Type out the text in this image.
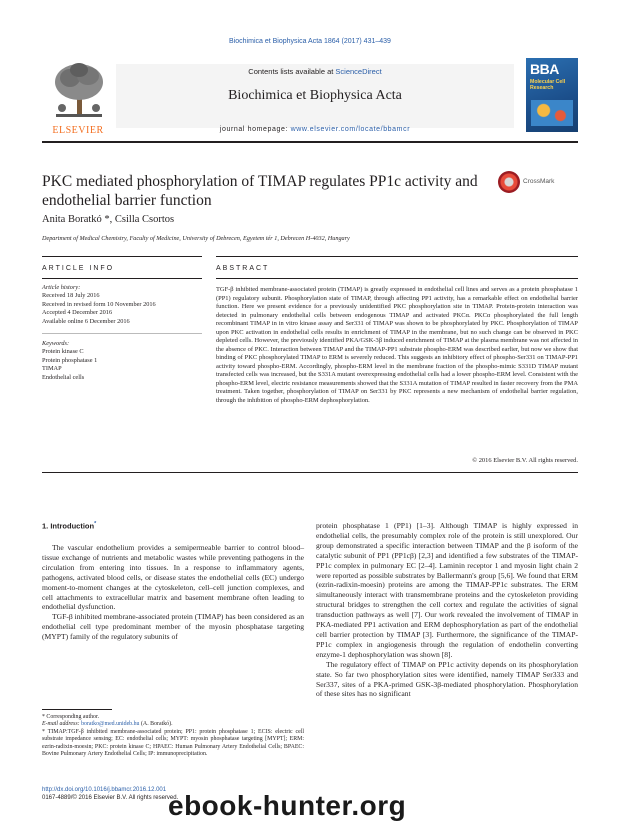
Biochimica et Biophysica Acta 1864 (2017) 431–439
ELSEVIER
Contents lists available at ScienceDirect
Biochimica et Biophysica Acta
journal homepage: www.elsevier.com/locate/bbamcr
BBA
Molecular Cell Research
PKC mediated phosphorylation of TIMAP regulates PP1c activity and endothelial barrier function
CrossMark
Anita Boratkó *, Csilla Csortos
Department of Medical Chemistry, Faculty of Medicine, University of Debrecen, Egyetem tér 1, Debrecen H-4032, Hungary
ARTICLE INFO
Article history:
Received 18 July 2016
Received in revised form 10 November 2016
Accepted 4 December 2016
Available online 6 December 2016
Keywords:
Protein kinase C
Protein phosphatase 1
TIMAP
Endothelial cells
ABSTRACT
TGF-β inhibited membrane-associated protein (TIMAP) is greatly expressed in endothelial cell lines and serves as a protein phosphatase 1 (PP1) regulatory subunit. Phosphorylation state of TIMAP, through affecting PP1 activity, has a remarkable effect on endothelial barrier function. Here we present evidence for a previously unidentified PKC phosphorylation site in TIMAP. Protein-protein interaction was detected in pulmonary endothelial cells between endogenous TIMAP and activated PKCα. PKCα phosphorylated the full length recombinant TIMAP in in vitro kinase assay and Ser331 of TIMAP was shown to be phosphorylated by PKC. Phosphorylation of TIMAP upon PKC activation in endothelial cells results in enrichment of TIMAP in the membrane, but no such change can be observed in PKC depleted cells. However, the previously identified PKA/GSK-3β induced enrichment of TIMAP at the plasma membrane was not affected in the absence of PKC. Interaction between TIMAP and the TIMAP-PP1 substrate phospho-ERM was described earlier, but now we show that binding of PKC phosphorylated TIMAP to ERM is severely reduced. This suggests an inhibitory effect of phospho-Ser331 on TIMAP-PP1 activity toward phospho-ERM. Accordingly, phospho-ERM level in the membrane fraction of the phospho-mimic S331D TIMAP mutant transfected cells was increased, but the S331A mutant overexpressing endothelial cells had a lower phospho-ERM level. Consistent with the phospho-ERM level, electric resistance measurements showed that the S331A mutation of TIMAP resulted in faster recovery from the PMA treatment. Taken together, phosphorylation of TIMAP on Ser331 by PKC represents a new mechanism of endothelial barrier regulation, through the inhibition of phospho-ERM dephosphorylation.
© 2016 Elsevier B.V. All rights reserved.
1. Introduction*

The vascular endothelium provides a semipermeable barrier to control blood–tissue exchange of nutrients and metabolic wastes while preventing pathogens in the circulation from entering into tissues. In a response to inflammatory agents, pathogens, activated blood cells, or disease states the endothelial cells (EC) undergo moment-to-moment changes at the cytoskeleton, cell–cell junction complexes, and cell attachments to extracellular matrix and basement membrane often leading to endothelial dysfunction.

TGF-β inhibited membrane-associated protein (TIMAP) has been considered as an endothelial cell type predominant member of the myosin phosphatase targeting (MYPT) family of the regulatory subunits of

protein phosphatase 1 (PP1) [1–3]. Although TIMAP is highly expressed in endothelial cells, the presumably complex role of the protein is still unexplored. Our group demonstrated a specific interaction between TIMAP and the β isoform of the catalytic subunit of PP1 (PP1cβ) [2,3] and identified a few substrates of the TIMAP-PP1c complex in pulmonary EC [2–4]. Laminin receptor 1 and myosin light chain 2 were reported as possible substrates by Ballermann's group [5,6]. We found that ERM (ezrin-radixin-moesin) proteins are among the TIMAP-PP1c substrates. The ERM simultaneously interact with transmembrane proteins and the cytoskeleton providing structural bridges to strengthen the cell cortex and regulate the activities of signal transduction pathways as well [7]. Our work revealed the involvement of TIMAP in PKA-mediated PP1 activation and ERM dephosphorylation as part of the endothelial cell barrier protection by TIMAP [3]. Furthermore, the significance of the TIMAP-PP1c complex in angiogenesis through the regulation of endothelin converting enzyme-1 dephosphorylation was shown [8].

The regulatory effect of TIMAP on PP1c activity depends on its phosphorylation state. So far two phosphorylation sites were identified, namely TIMAP Ser333 and Ser337, sites of a PKA-primed GSK-3β-mediated phosphorylation. Phosphorylation of these sites has no significant

* Corresponding author.
E-mail address: boratko@med.unideb.hu (A. Boratkó).
* TIMAP:TGF-β inhibited membrane-associated protein; PP1: protein phosphatase 1; ECIS: electric cell substrate impedance sensing; EC: endothelial cells; MYPT: myosin phosphatase targeting [MYPT]; ERM: ezrin-radixin-moesin; PKC: protein kinase C; HPAEC: Human Pulmonary Artery Endothelial Cells; BPAEC: Bovine Pulmonary Artery Endothelial Cells; IP: immunoprecipitation.
http://dx.doi.org/10.1016/j.bbamcr.2016.12.001
0167-4889/© 2016 Elsevier B.V. All rights reserved.
ebook-hunter.org
